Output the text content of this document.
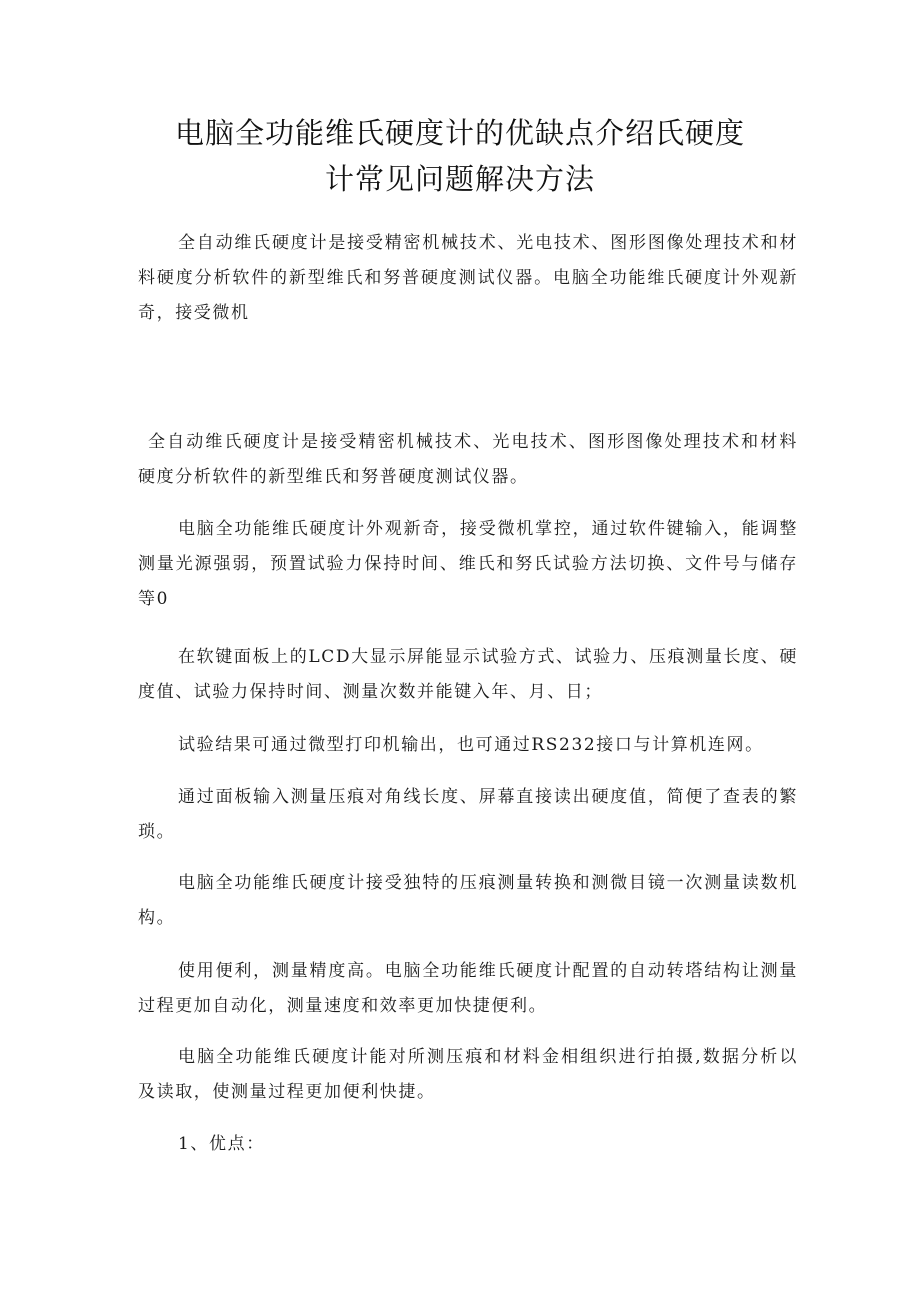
电脑全功能维氏硬度计的优缺点介绍氏硬度
计常见问题解决方法

全自动维氏硬度计是接受精密机械技术、光电技术、图形图像处理技术和材料硬度分析软件的新型维氏和努普硬度测试仪器。电脑全功能维氏硬度计外观新奇，接受微机

全自动维氏硬度计是接受精密机械技术、光电技术、图形图像处理技术和材料硬度分析软件的新型维氏和努普硬度测试仪器。

电脑全功能维氏硬度计外观新奇，接受微机掌控，通过软件键输入，能调整测量光源强弱，预置试验力保持时间、维氏和努氏试验方法切换、文件号与储存等0

在软键面板上的LCD大显示屏能显示试验方式、试验力、压痕测量长度、硬度值、试验力保持时间、测量次数并能键入年、月、日；

试验结果可通过微型打印机输出，也可通过RS232接口与计算机连网。

通过面板输入测量压痕对角线长度、屏幕直接读出硬度值，简便了查表的繁琐。

电脑全功能维氏硬度计接受独特的压痕测量转换和测微目镜一次测量读数机构。

使用便利，测量精度高。电脑全功能维氏硬度计配置的自动转塔结构让测量过程更加自动化，测量速度和效率更加快捷便利。

电脑全功能维氏硬度计能对所测压痕和材料金相组织进行拍摄,数据分析以及读取，使测量过程更加便利快捷。

1、优点：
